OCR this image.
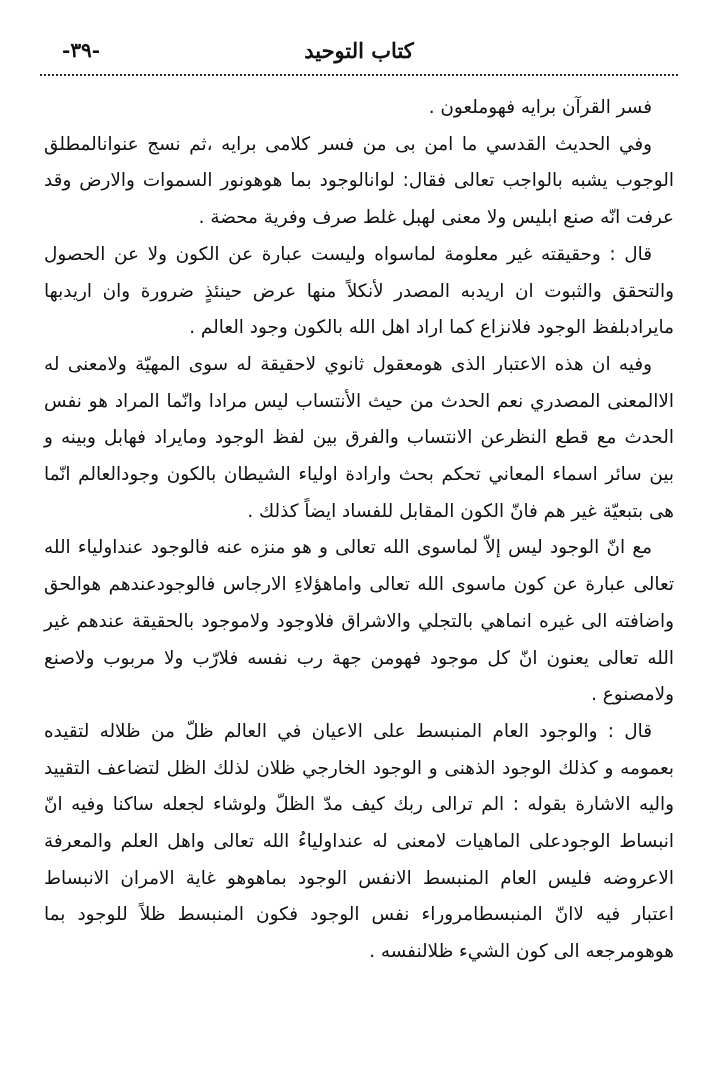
كتاب التوحيد
-٣٩-

فسر القرآن برايه فهوملعون .

وفي الحديث القدسي ما امن بى من فسر كلامى برايه ،ثم نسج عنوانالمطلق الوجوب يشبه بالواجب تعالى فقال: لوانالوجود بما هوهونور السموات والارض وقد عرفت انّه صنع ابليس ولا معنى لهبل غلط صرف وفرية محضة .

قال : وحقيقته غير معلومة لماسواه وليست عبارة عن الكون ولا عن الحصول والتحقق والثبوت ان اريدبه المصدر لأنكلاً منها عرض حينئذٍ ضرورة وان اريدبها مايرادبلفظ الوجود فلانزاع كما اراد اهل الله بالكون وجود العالم .

وفيه ان هذه الاعتبار الذى هومعقول ثانوي لاحقيقة له سوى المهيّة ولامعنى له الاالمعنى المصدري نعم الحدث من حيث الأنتساب ليس مرادا وانّما المراد هو نفس الحدث مع قطع النظرعن الانتساب والفرق بين لفظ الوجود ومايراد فهابل وبينه و بين سائر اسماء المعاني تحكم بحث وارادة اولياء الشيطان بالكون وجودالعالم انّما هى بتبعيّة غير هم فانّ الكون المقابل للفساد ايضاً كذلك .

مع انّ الوجود ليس إلاّ لماسوى الله تعالى و هو منزه عنه فالوجود عنداولياء الله تعالى عبارة عن كون ماسوى الله تعالى واماهؤلاءِ الارجاس فالوجودعندهم هوالحق واضافته الى غيره انماهي بالتجلي والاشراق فلاوجود ولاموجود بالحقيقة عندهم غير الله تعالى يعنون انّ كل موجود فهومن جهة رب نفسه فلارّب ولا مربوب ولاصنع ولامصنوع .

قال : والوجود العام المنبسط على الاعيان في العالم ظلّ من ظلاله لتقيده بعمومه و كذلك الوجود الذهنى و الوجود الخارجي ظلان لذلك الظل لتضاعف التقييد واليه الاشارة بقوله : الم ترالى ربك كيف مدّ الظلّ ولوشاء لجعله ساكنا وفيه انّ انبساط الوجودعلى الماهيات لامعنى له عنداولياءُ الله تعالى واهل العلم والمعرفة الاعروضه فليس العام المنبسط الانفس الوجود بماهوهو غاية الامران الانبساط اعتبار فيه لاانّ المنبسطامروراء نفس الوجود فكون المنبسط ظلاً للوجود بما هوهومرجعه الى كون الشيء ظلالنفسه .
